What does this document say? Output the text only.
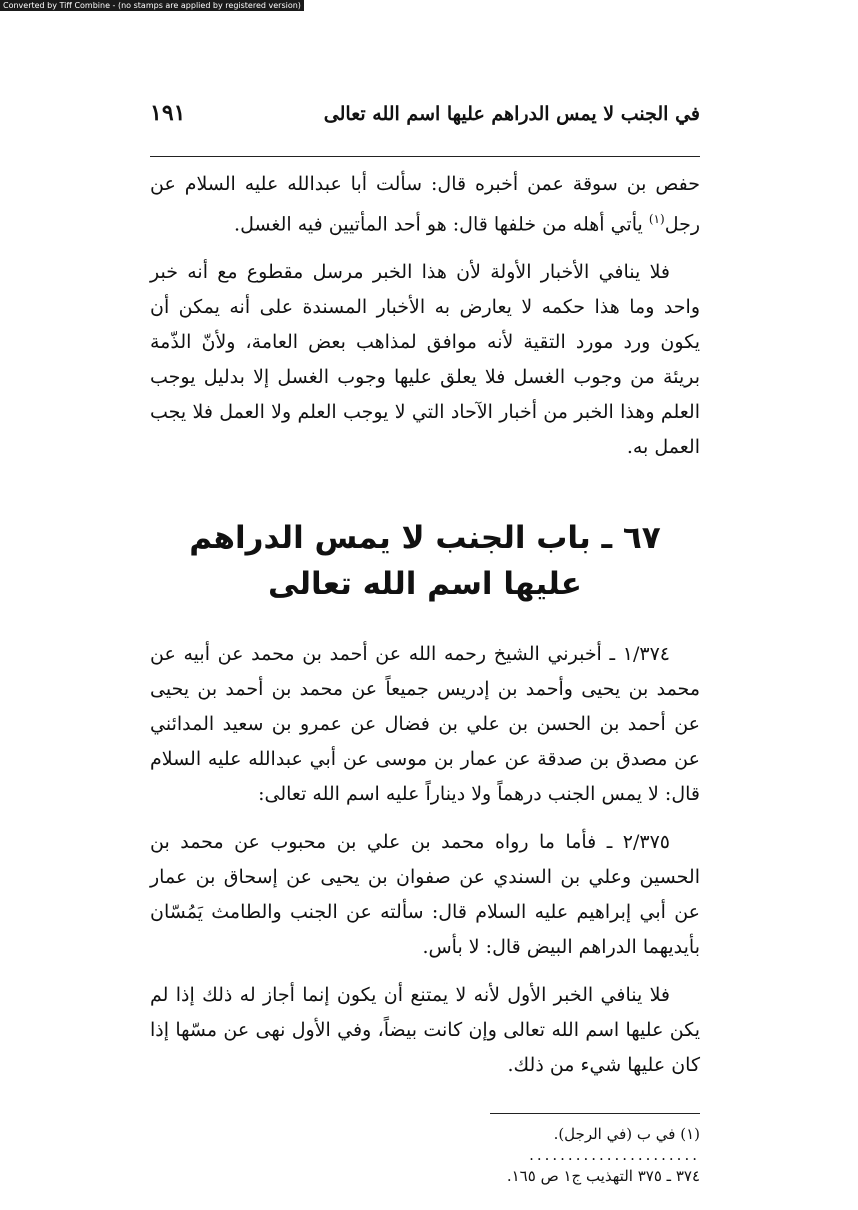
Converted by Tiff Combine - (no stamps are applied by registered version)
في الجنب لا يمس الدراهم عليها اسم الله تعالى
١٩١

حفص بن سوقة عمن أخبره قال: سألت أبا عبدالله عليه السلام عن رجل$^{(١)}$ يأتي أهله من خلفها قال: هو أحد المأتيين فيه الغسل.

فلا ينافي الأخبار الأولة لأن هذا الخبر مرسل مقطوع مع أنه خبر واحد وما هذا حكمه لا يعارض به الأخبار المسندة على أنه يمكن أن يكون ورد مورد التقية لأنه موافق لمذاهب بعض العامة، ولأنّ الذّمة بريئة من وجوب الغسل فلا يعلق عليها وجوب الغسل إلا بدليل يوجب العلم وهذا الخبر من أخبار الآحاد التي لا يوجب العلم ولا العمل فلا يجب العمل به.

٦٧ ـ باب الجنب لا يمس الدراهم عليها اسم الله تعالى

١/٣٧٤ ـ أخبرني الشيخ رحمه الله عن أحمد بن محمد عن أبيه عن محمد بن يحيى وأحمد بن إدريس جميعاً عن محمد بن أحمد بن يحيى عن أحمد بن الحسن بن علي بن فضال عن عمرو بن سعيد المدائني عن مصدق بن صدقة عن عمار بن موسى عن أبي عبدالله عليه السلام قال: لا يمس الجنب درهماً ولا ديناراً عليه اسم الله تعالى:

٢/٣٧٥ ـ فأما ما رواه محمد بن علي بن محبوب عن محمد بن الحسين وعلي بن السندي عن صفوان بن يحيى عن إسحاق بن عمار عن أبي إبراهيم عليه السلام قال: سألته عن الجنب والطامث يَمُسّان بأيديهما الدراهم البيض قال: لا بأس.

فلا ينافي الخبر الأول لأنه لا يمتنع أن يكون إنما أجاز له ذلك إذا لم يكن عليها اسم الله تعالى وإن كانت بيضاً، وفي الأول نهى عن مسّها إذا كان عليها شيء من ذلك.

(١) في ب (في الرجل).
......................
٣٧٤ ـ ٣٧٥ التهذيب ج١ ص ١٦٥.
